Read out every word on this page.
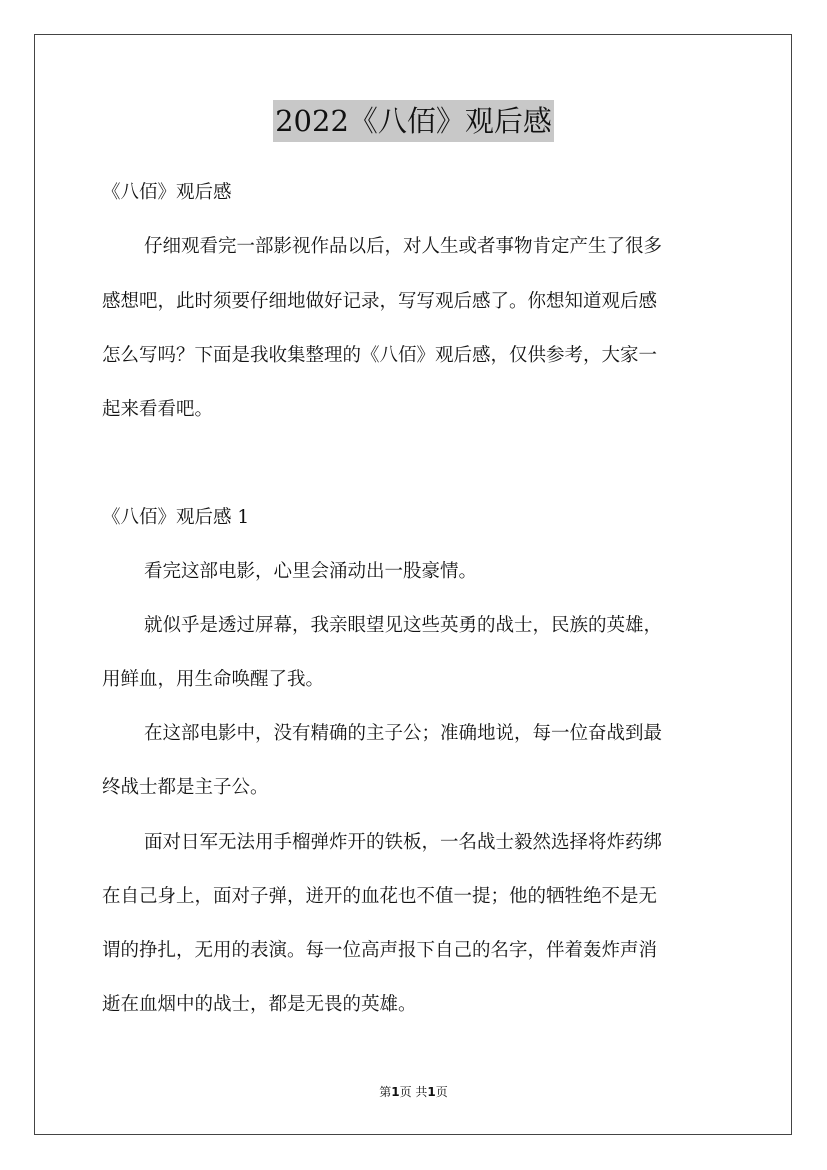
2022《八佰》观后感
《八佰》观后感
仔细观看完一部影视作品以后，对人生或者事物肯定产生了很多
感想吧，此时须要仔细地做好记录，写写观后感了。你想知道观后感
怎么写吗？下面是我收集整理的《八佰》观后感，仅供参考，大家一
起来看看吧。
《八佰》观后感 1
看完这部电影，心里会涌动出一股豪情。
就似乎是透过屏幕，我亲眼望见这些英勇的战士，民族的英雄，
用鲜血，用生命唤醒了我。
在这部电影中，没有精确的主子公；准确地说，每一位奋战到最
终战士都是主子公。
面对日军无法用手榴弹炸开的铁板，一名战士毅然选择将炸药绑
在自己身上，面对子弹，迸开的血花也不值一提；他的牺牲绝不是无
谓的挣扎，无用的表演。每一位高声报下自己的名字，伴着轰炸声消
逝在血烟中的战士，都是无畏的英雄。
第1页 共1页
